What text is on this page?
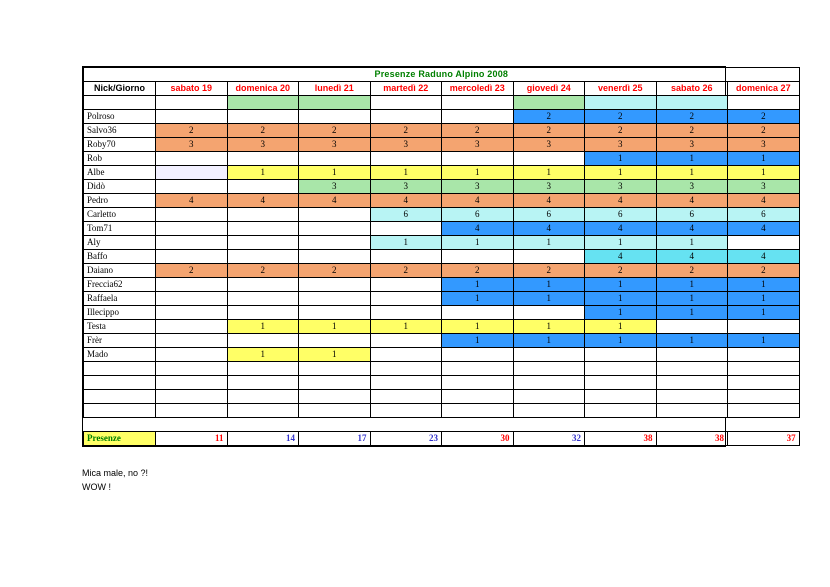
Presenze Raduno Alpino 2008									
Nick/Giorno	sabato 19	domenica 20	lunedì 21	martedì 22	mercoledì 23	giovedì 24	venerdì 25	sabato 26	domenica 27

Polroso						2	2	2	2
Salvo36	2	2	2	2	2	2	2	2	2
Roby70	3	3	3	3	3	3	3	3	3
Rob							1	1	1
Albe		1	1	1	1	1	1	1	1
Didò			3	3	3	3	3	3	3
Pedro	4	4	4	4	4	4	4	4	4
Carletto				6	6	6	6	6	6
Tom71					4	4	4	4	4
Aly				1	1	1	1	1	
Baffo							4	4	4
Daiano	2	2	2	2	2	2	2	2	2
Freccia62					1	1	1	1	1
Raffaela					1	1	1	1	1
Illecippo							1	1	1
Testa		1	1	1	1	1	1		
Frèr					1	1	1	1	1
Mado		1	1						

Presenze	11	14	17	23	30	32	38	38	37
Mica male, no ?!
WOW !
